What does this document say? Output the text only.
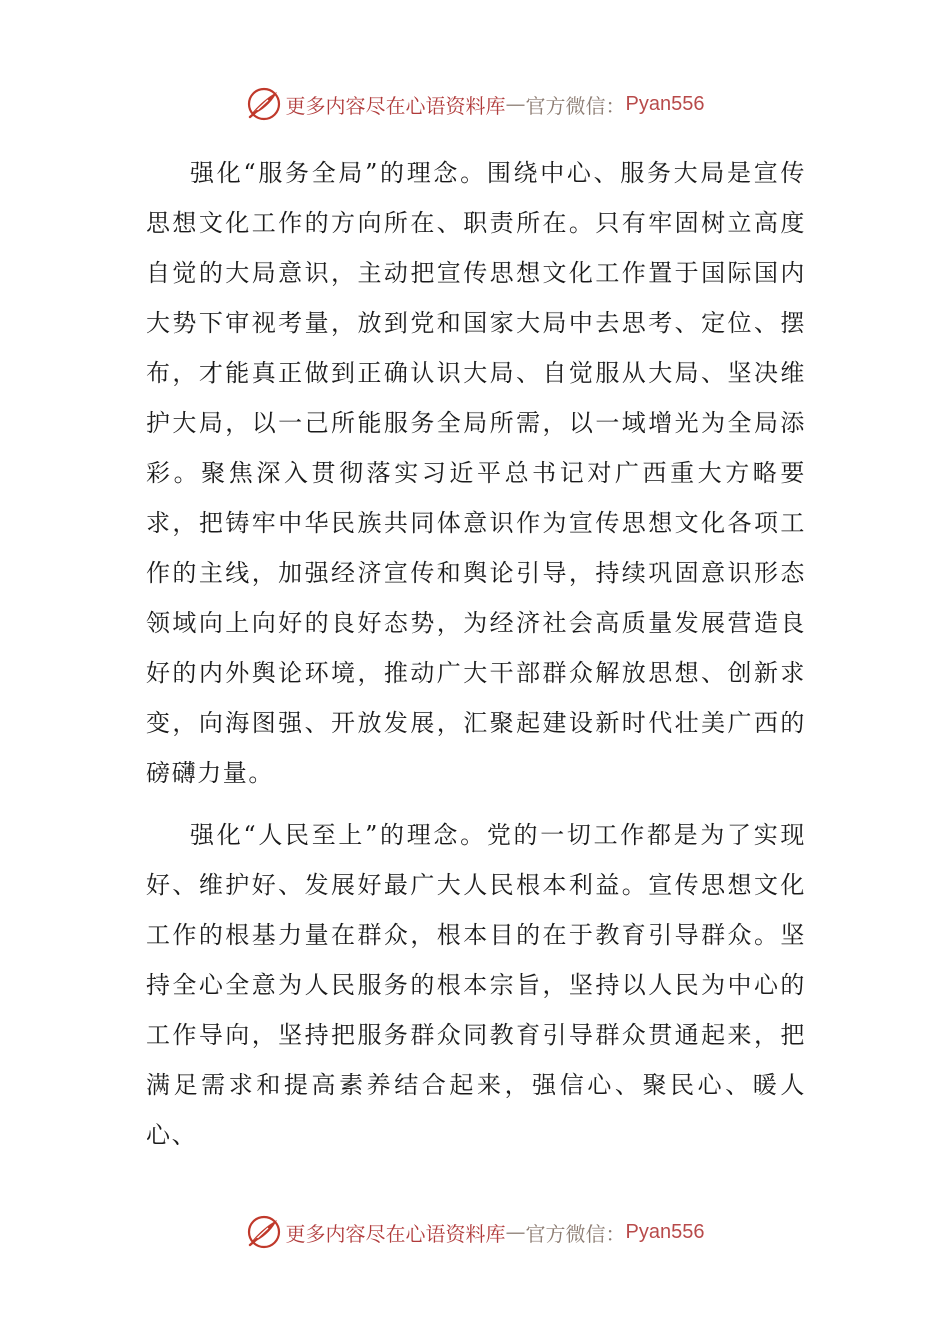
更多内容尽在心语资料库 — 官方微信： Pyan556

强化“服务全局”的理念。围绕中心、服务大局是宣传思想文化工作的方向所在、职责所在。只有牢固树立高度自觉的大局意识，主动把宣传思想文化工作置于国际国内大势下审视考量，放到党和国家大局中去思考、定位、摆布，才能真正做到正确认识大局、自觉服从大局、坚决维护大局，以一己所能服务全局所需，以一域增光为全局添彩。聚焦深入贯彻落实习近平总书记对广西重大方略要求，把铸牢中华民族共同体意识作为宣传思想文化各项工作的主线，加强经济宣传和舆论引导，持续巩固意识形态领域向上向好的良好态势，为经济社会高质量发展营造良好的内外舆论环境，推动广大干部群众解放思想、创新求变，向海图强、开放发展，汇聚起建设新时代壮美广西的磅礴力量。

强化“人民至上”的理念。党的一切工作都是为了实现好、维护好、发展好最广大人民根本利益。宣传思想文化工作的根基力量在群众，根本目的在于教育引导群众。坚持全心全意为人民服务的根本宗旨，坚持以人民为中心的工作导向，坚持把服务群众同教育引导群众贯通起来，把满足需求和提高素养结合起来，强信心、聚民心、暖人心、

更多内容尽在心语资料库 — 官方微信： Pyan556
